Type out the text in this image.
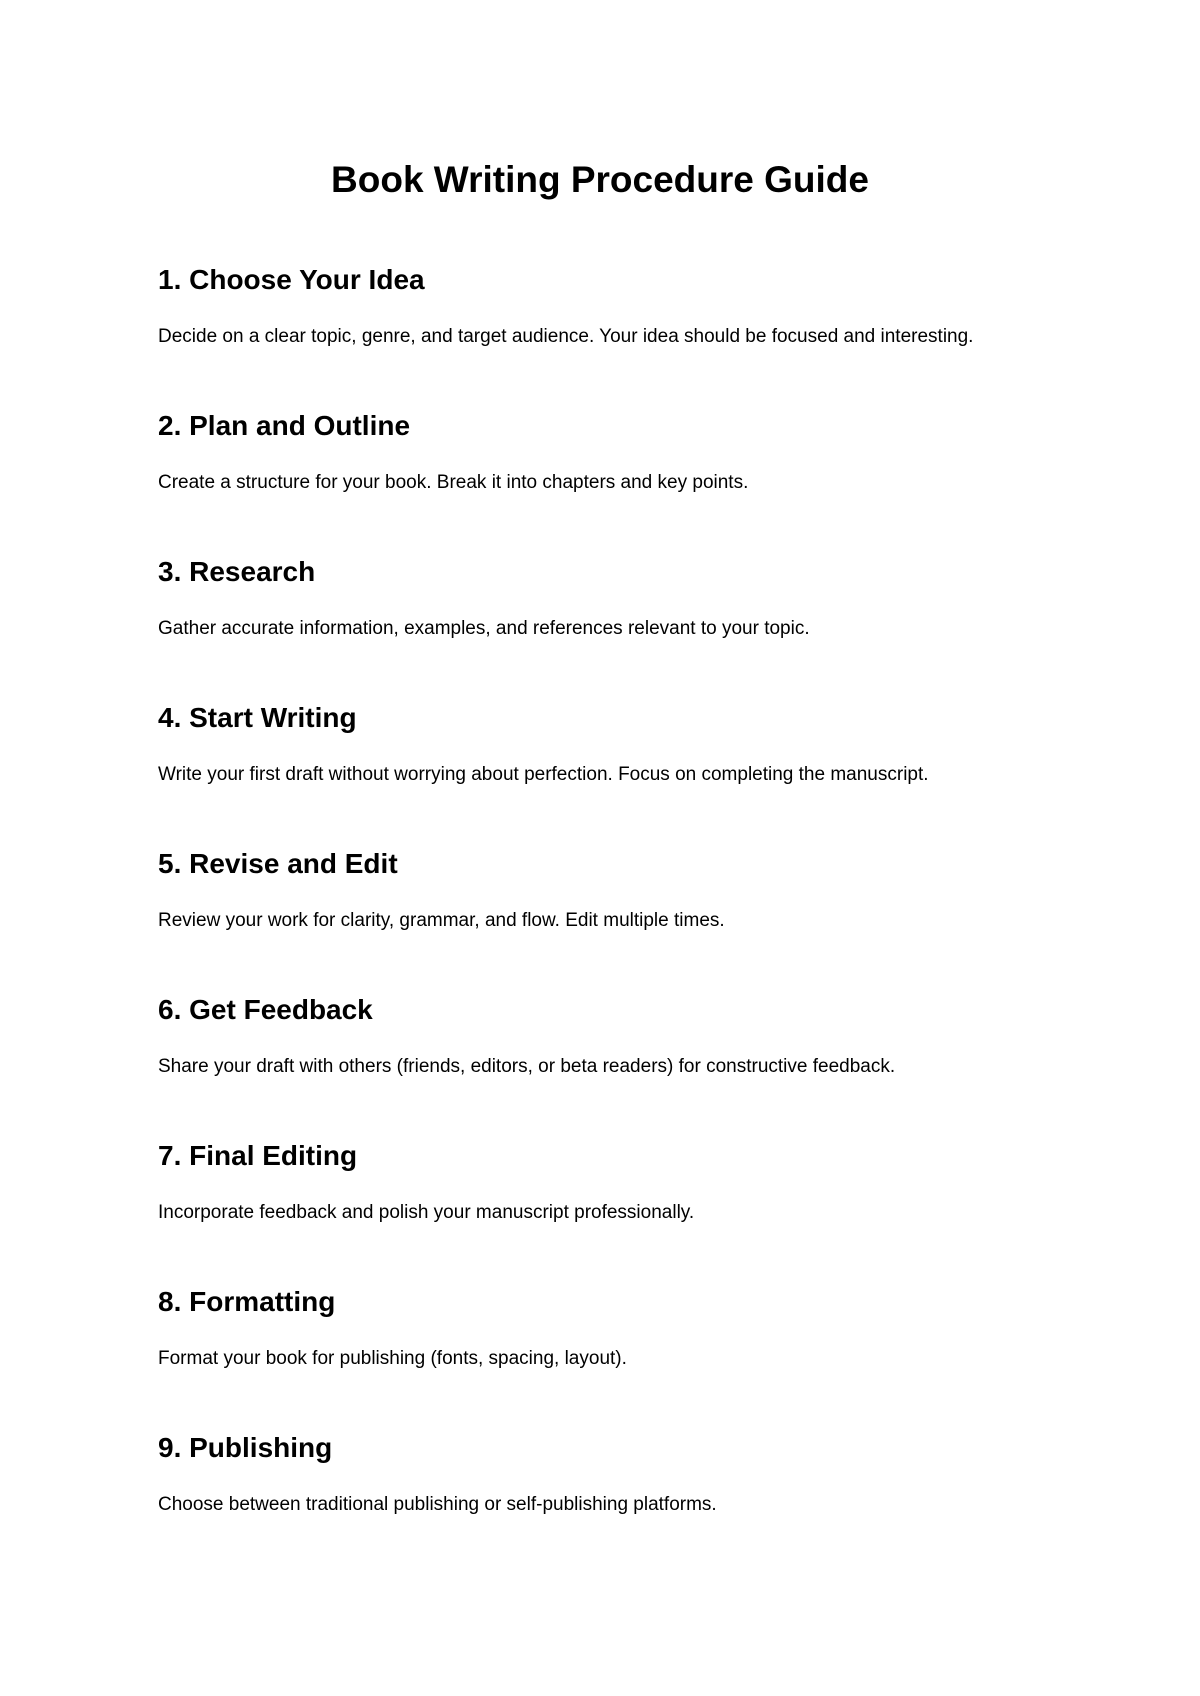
Book Writing Procedure Guide
1. Choose Your Idea

Decide on a clear topic, genre, and target audience. Your idea should be focused and interesting.

2. Plan and Outline

Create a structure for your book. Break it into chapters and key points.

3. Research

Gather accurate information, examples, and references relevant to your topic.

4. Start Writing

Write your first draft without worrying about perfection. Focus on completing the manuscript.

5. Revise and Edit

Review your work for clarity, grammar, and flow. Edit multiple times.

6. Get Feedback

Share your draft with others (friends, editors, or beta readers) for constructive feedback.

7. Final Editing

Incorporate feedback and polish your manuscript professionally.

8. Formatting

Format your book for publishing (fonts, spacing, layout).

9. Publishing

Choose between traditional publishing or self-publishing platforms.
